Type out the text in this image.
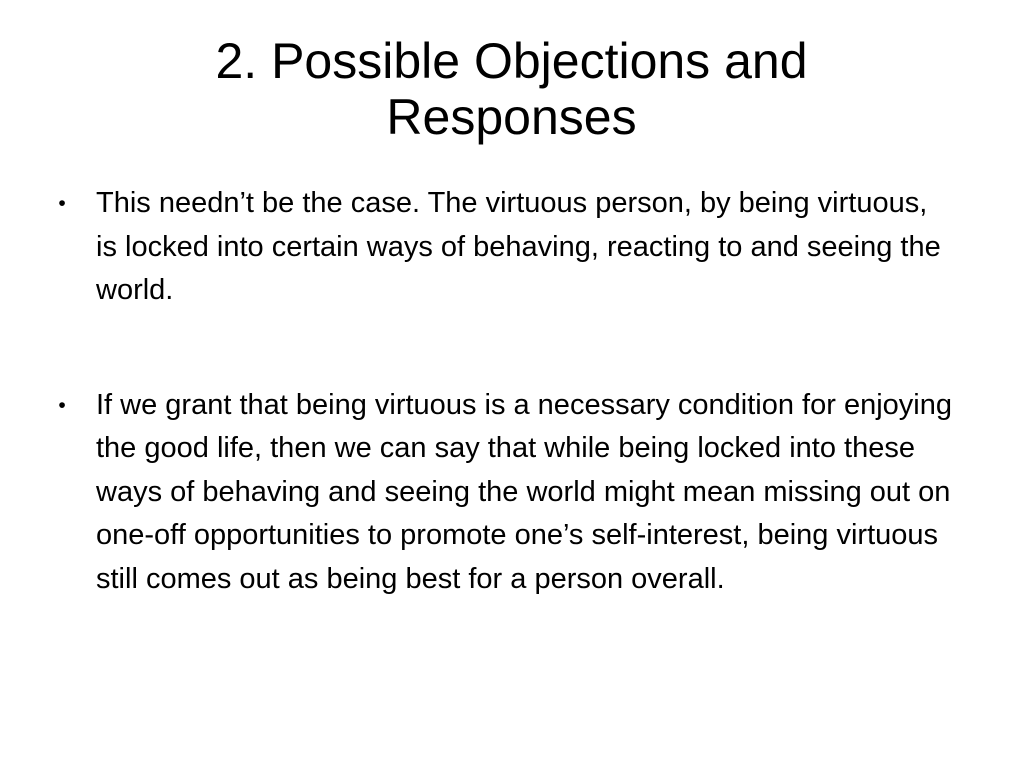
2. Possible Objections and
Responses
• This needn’t be the case. The virtuous person, by being virtuous, is locked into certain ways of behaving, reacting to and seeing the world.
• If we grant that being virtuous is a necessary condition for enjoying the good life, then we can say that while being locked into these ways of behaving and seeing the world might mean missing out on one-off opportunities to promote one’s self-interest, being virtuous still comes out as being best for a person overall.
